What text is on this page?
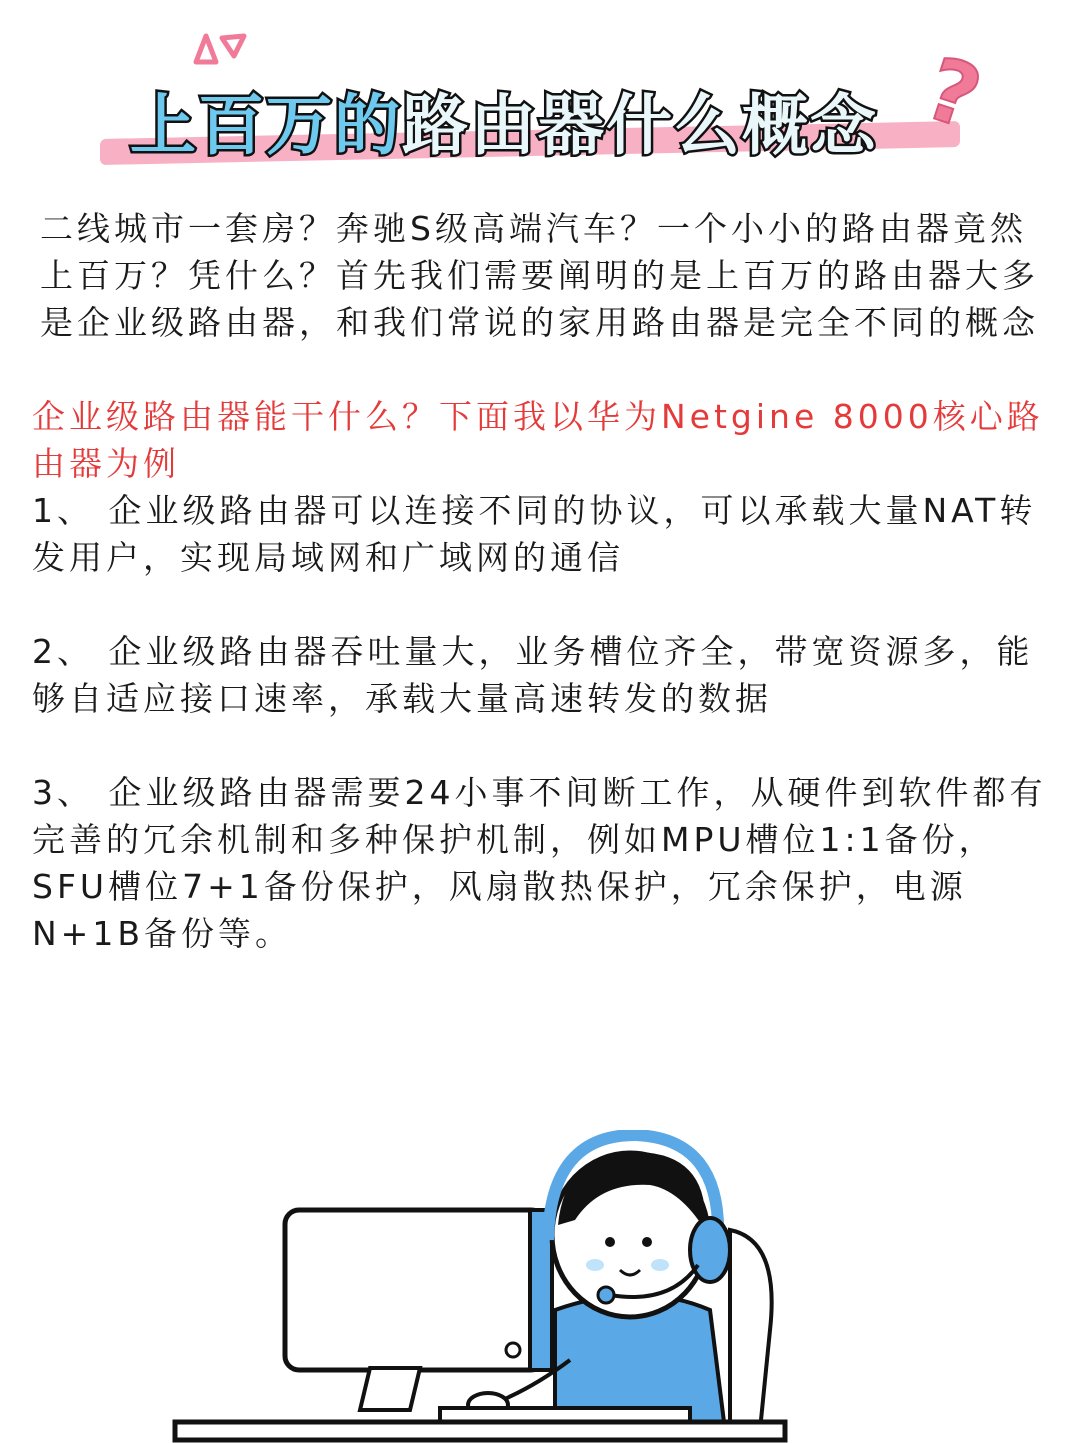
上百万的路由器什么概念 ?

二线城市一套房？奔驰S级高端汽车？一个小小的路由器竟然上百万？凭什么？首先我们需要阐明的是上百万的路由器大多是企业级路由器，和我们常说的家用路由器是完全不同的概念

企业级路由器能干什么？下面我以华为Netgine 8000核心路由器为例

1、 企业级路由器可以连接不同的协议，可以承载大量NAT转发用户，实现局域网和广域网的通信

2、 企业级路由器吞吐量大，业务槽位齐全，带宽资源多，能够自适应接口速率，承载大量高速转发的数据

3、 企业级路由器需要24小事不间断工作，从硬件到软件都有完善的冗余机制和多种保护机制，例如MPU槽位1:1备份，SFU槽位7+1备份保护，风扇散热保护，冗余保护，电源N+1B备份等。
